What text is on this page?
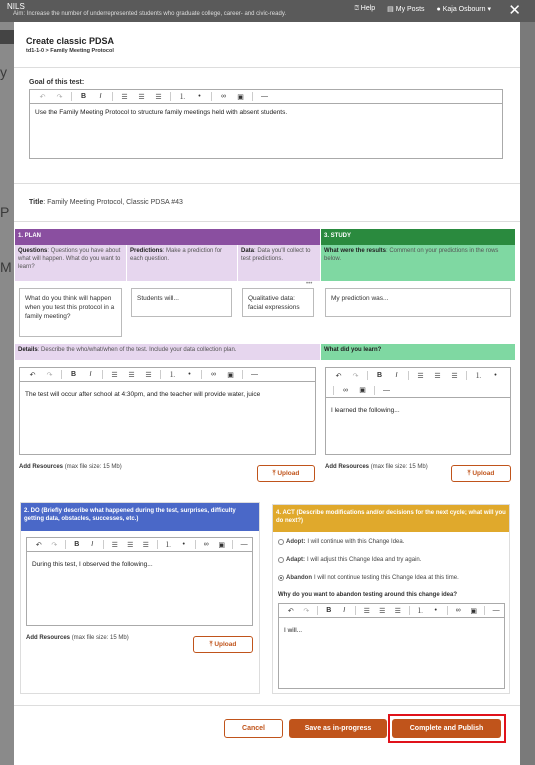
NILS
Aim: Increase the number of underrepresented students who graduate college, career- and civic-ready.
⍰ Help ▤ My Posts ● Kaja Osbourn ▾
y
P
M
✕
Create classic PDSA
td1-1-0 > Family Meeting Protocol
Goal of this test:
↶	↷	B	I	☰	☰	☰	⒈	•	∞	▣	—
Use the Family Meeting Protocol to structure family meetings held with absent students.
Title: Family Meeting Protocol, Classic PDSA #43
1. PLAN
Questions: Questions you have about what will happen. What do you want to learn?
Predictions: Make a prediction for each question.
Data: Data you'll collect to test predictions.
What do you think will happen when you test this protocol in a family meeting?
Students will...	Qualitative data: facial expressions
•••
Details: Describe the who/what/when of the test. Include your data collection plan.
↶	↷	B	I	☰	☰	☰	⒈	•	∞	▣	—
The test will occur after school at 4:30pm, and the teacher will provide water, juice
Add Resources (max file size: 15 Mb)
⤒ Upload
3. STUDY
What were the results: Comment on your predictions in the rows below.
My prediction was...
What did you learn?
↶	↷	B	I	☰	☰	☰	⒈	•
∞	▣	—
I learned the following...
Add Resources (max file size: 15 Mb)
⤒ Upload
2. DO (Briefly describe what happened during the test, surprises, difficulty getting data, obstacles, successes, etc.)
↶	↷	B	I	☰	☰	☰	⒈	•	∞	▣	—
During this test, I observed the following...
Add Resources (max file size: 15 Mb)
⤒ Upload
4. ACT (Describe modifications and/or decisions for the next cycle; what will you do next?)
Adopt: I will continue with this Change Idea.
Adapt: I will adjust this Change Idea and try again.
Abandon I will not continue testing this Change Idea at this time.
Why do you want to abandon testing around this change idea?
↶	↷	B	I	☰	☰	☰	⒈	•	∞	▣	—
I will...
Cancel	Save as in-progress	Complete and Publish
